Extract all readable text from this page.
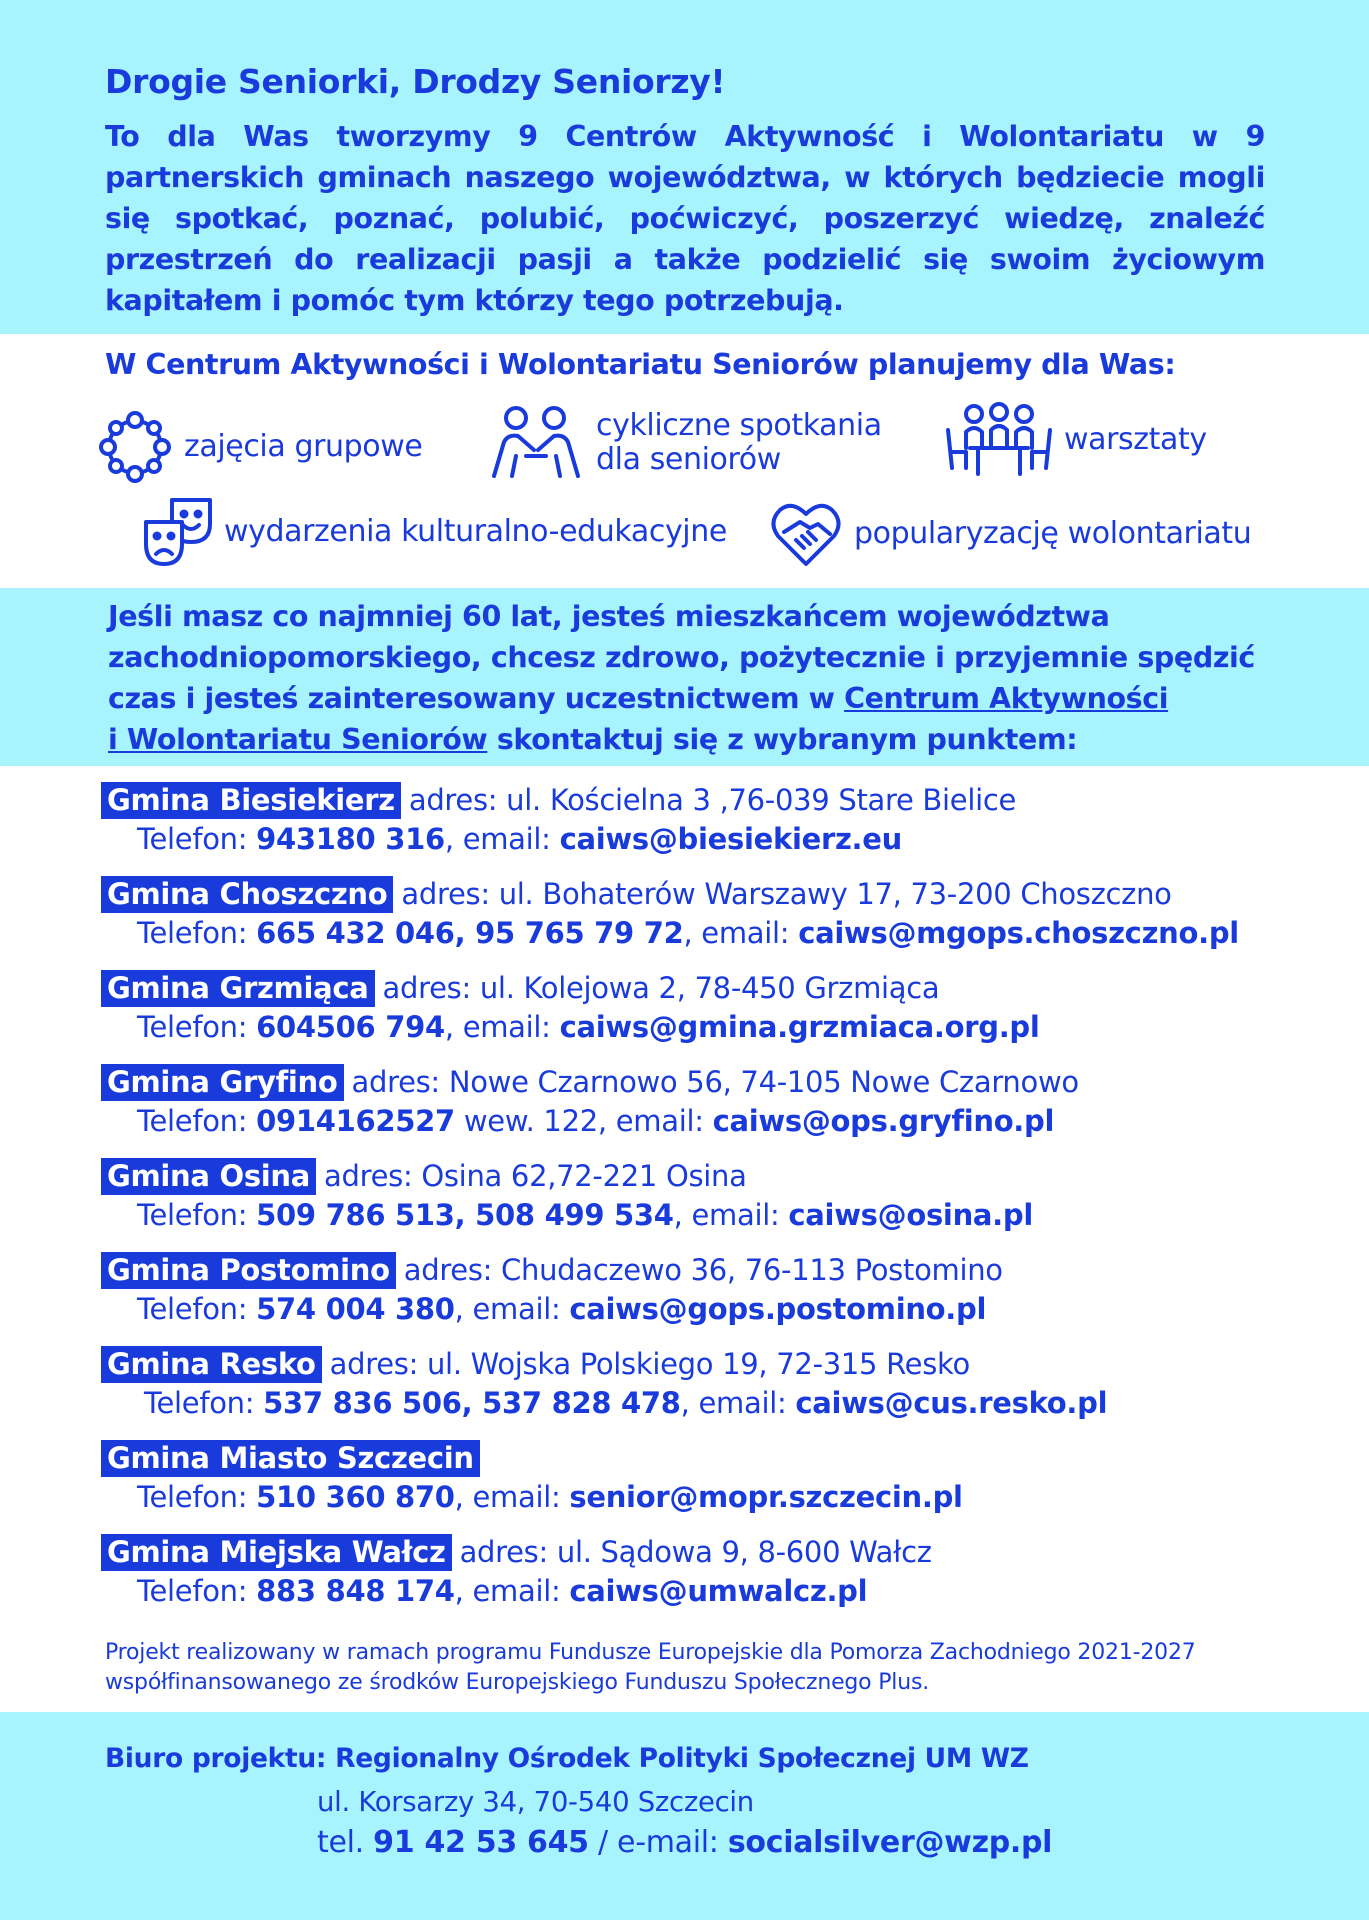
Drogie Seniorki, Drodzy Seniorzy!
To dla Was tworzymy 9 Centrów Aktywność i Wolontariatu w 9 partnerskich gminach naszego województwa, w których będziecie mogli się spotkać, poznać, polubić, poćwiczyć, poszerzyć wiedzę, znaleźć przestrzeń do realizacji pasji a także podzielić się swoim życiowym kapitałem i pomóc tym którzy tego potrzebują.
W Centrum Aktywności i Wolontariatu Seniorów planujemy dla Was:
zajęcia grupowe
cykliczne spotkania
dla seniorów
warsztaty
wydarzenia kulturalno-edukacyjne	popularyzację wolontariatu
Jeśli masz co najmniej 60 lat, jesteś mieszkańcem województwa zachodniopomorskiego, chcesz zdrowo, pożytecznie i przyjemnie spędzić czas i jesteś zainteresowany uczestnictwem w Centrum Aktywności
i Wolontariatu Seniorów skontaktuj się z wybranym punktem:
Gmina Biesiekierz adres: ul. Kościelna 3 ,76-039 Stare Bielice
Telefon: 943180 316, email: caiws@biesiekierz.eu
Gmina Choszczno adres: ul. Bohaterów Warszawy 17, 73-200 Choszczno
Telefon: 665 432 046, 95 765 79 72, email: caiws@mgops.choszczno.pl
Gmina Grzmiąca adres: ul. Kolejowa 2, 78-450 Grzmiąca
Telefon: 604506 794, email: caiws@gmina.grzmiaca.org.pl
Gmina Gryfino adres: Nowe Czarnowo 56, 74-105 Nowe Czarnowo
Telefon: 0914162527 wew. 122, email: caiws@ops.gryfino.pl
Gmina Osina adres: Osina 62,72-221 Osina
Telefon: 509 786 513, 508 499 534, email: caiws@osina.pl
Gmina Postomino adres: Chudaczewo 36, 76-113 Postomino
Telefon: 574 004 380, email: caiws@gops.postomino.pl
Gmina Resko adres: ul. Wojska Polskiego 19, 72-315 Resko
Telefon: 537 836 506, 537 828 478, email: caiws@cus.resko.pl
Gmina Miasto Szczecin
Telefon: 510 360 870, email: senior@mopr.szczecin.pl
Gmina Miejska Wałcz adres: ul. Sądowa 9, 8-600 Wałcz
Telefon: 883 848 174, email: caiws@umwalcz.pl
Projekt realizowany w ramach programu Fundusze Europejskie dla Pomorza Zachodniego 2021-2027
współfinansowanego ze środków Europejskiego Funduszu Społecznego Plus.
Biuro projektu: Regionalny Ośrodek Polityki Społecznej UM WZ
ul. Korsarzy 34, 70-540 Szczecin
tel. 91 42 53 645 / e-mail: socialsilver@wzp.pl
